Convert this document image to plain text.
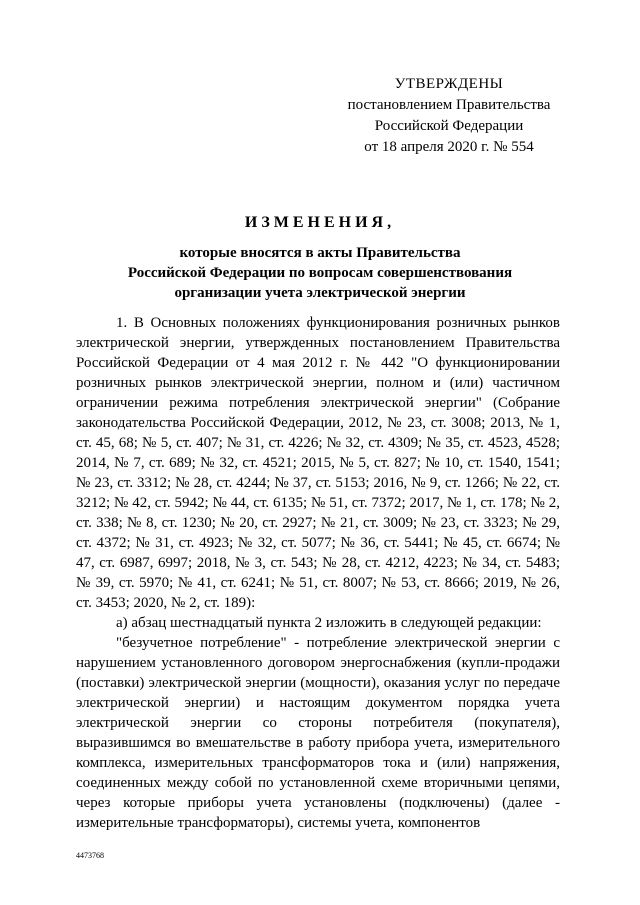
УТВЕРЖДЕНЫ
постановлением Правительства
Российской Федерации
от 18 апреля 2020 г. № 554
ИЗМЕНЕНИЯ,
которые вносятся в акты Правительства
Российской Федерации по вопросам совершенствования
организации учета электрической энергии

1. В Основных положениях функционирования розничных рынков электрической энергии, утвержденных постановлением Правительства Российской Федерации от 4 мая 2012 г. № 442 "О функционировании розничных рынков электрической энергии, полном и (или) частичном ограничении режима потребления электрической энергии" (Собрание законодательства Российской Федерации, 2012, № 23, ст. 3008; 2013, № 1, ст. 45, 68; № 5, ст. 407; № 31, ст. 4226; № 32, ст. 4309; № 35, ст. 4523, 4528; 2014, № 7, ст. 689; № 32, ст. 4521; 2015, № 5, ст. 827; № 10, ст. 1540, 1541; № 23, ст. 3312; № 28, ст. 4244; № 37, ст. 5153; 2016, № 9, ст. 1266; № 22, ст. 3212; № 42, ст. 5942; № 44, ст. 6135; № 51, ст. 7372; 2017, № 1, ст. 178; № 2, ст. 338; № 8, ст. 1230; № 20, ст. 2927; № 21, ст. 3009; № 23, ст. 3323; № 29, ст. 4372; № 31, ст. 4923; № 32, ст. 5077; № 36, ст. 5441; № 45, ст. 6674; № 47, ст. 6987, 6997; 2018, № 3, ст. 543; № 28, ст. 4212, 4223; № 34, ст. 5483; № 39, ст. 5970; № 41, ст. 6241; № 51, ст. 8007; № 53, ст. 8666; 2019, № 26, ст. 3453; 2020, № 2, ст. 189):

а) абзац шестнадцатый пункта 2 изложить в следующей редакции:

"безучетное потребление" - потребление электрической энергии с нарушением установленного договором энергоснабжения (купли-продажи (поставки) электрической энергии (мощности), оказания услуг по передаче электрической энергии) и настоящим документом порядка учета электрической энергии со стороны потребителя (покупателя), выразившимся во вмешательстве в работу прибора учета, измерительного комплекса, измерительных трансформаторов тока и (или) напряжения, соединенных между собой по установленной схеме вторичными цепями, через которые приборы учета установлены (подключены) (далее - измерительные трансформаторы), системы учета, компонентов

4473768
